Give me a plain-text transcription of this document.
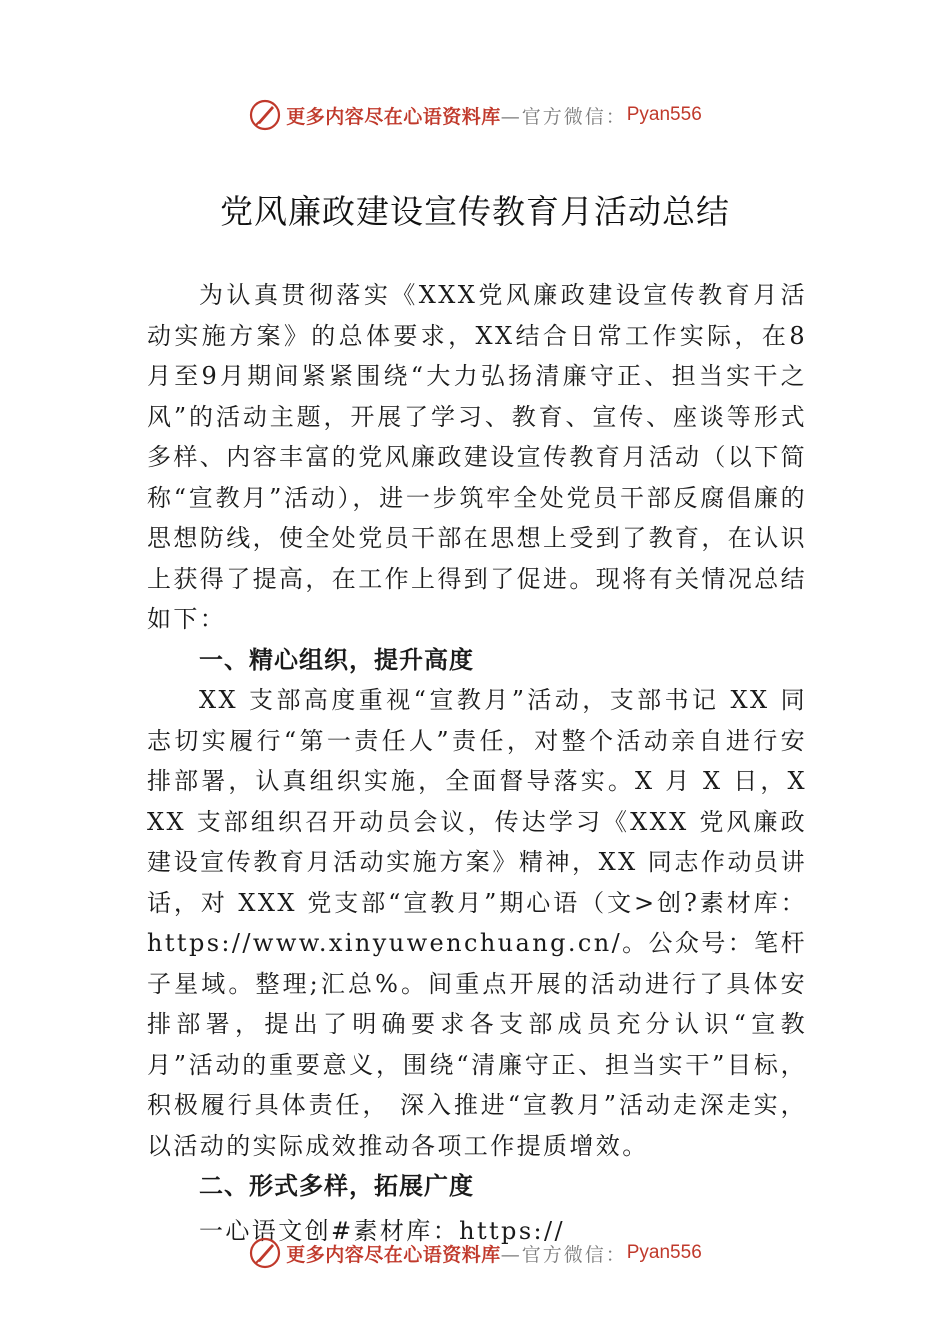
更多内容尽在心语资料库 —官方微信： Pyan556
党风廉政建设宣传教育月活动总结

为认真贯彻落实《XXX党风廉政建设宣传教育月活动实施方案》的总体要求，XX结合日常工作实际，在8月至9月期间紧紧围绕“大力弘扬清廉守正、担当实干之风”的活动主题，开展了学习、教育、宣传、座谈等形式多样、内容丰富的党风廉政建设宣传教育月活动（以下简称“宣教月”活动），进一步筑牢全处党员干部反腐倡廉的思想防线，使全处党员干部在思想上受到了教育，在认识上获得了提高，在工作上得到了促进。现将有关情况总结如下：

一、精心组织，提升高度

XX 支部高度重视“宣教月”活动，支部书记 XX 同志切实履行“第一责任人”责任，对整个活动亲自进行安排部署，认真组织实施，全面督导落实。X 月 X 日，XXX 支部组织召开动员会议，传达学习《XXX 党风廉政建设宣传教育月活动实施方案》精神，XX 同志作动员讲话，对 XXX 党支部“宣教月”期心语（文>创?素材库：https://www.xinyuwenchuang.cn/。公众号：笔杆子星域。整理;汇总%。间重点开展的活动进行了具体安排部署，提出了明确要求各支部成员充分认识“宣教月”活动的重要意义，围绕“清廉守正、担当实干”目标，积极履行具体责任， 深入推进“宣教月”活动走深走实，以活动的实际成效推动各项工作提质增效。

二、形式多样，拓展广度

一心语文创#素材库：https://

更多内容尽在心语资料库 —官方微信： Pyan556
